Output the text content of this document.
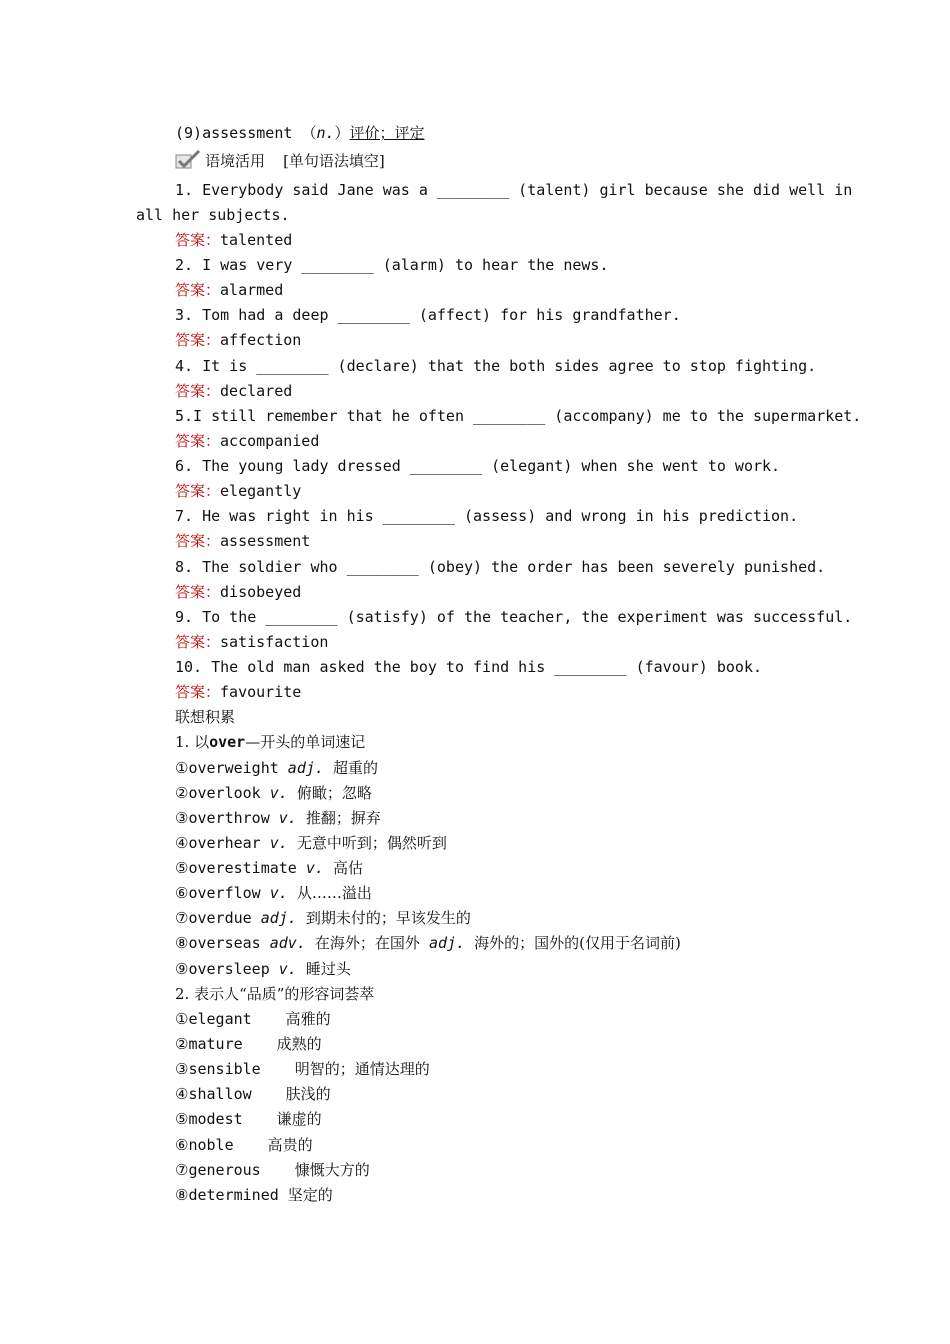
(9)assessment （n.）评价；评定
语境活用 [单句语法填空]
1. Everybody said Jane was a ________ (talent) girl because she did well in
all her subjects.
答案：talented
2. I was very ________ (alarm) to hear the news.
答案：alarmed
3. Tom had a deep ________ (affect) for his grandfather.
答案：affection
4. It is ________ (declare) that the both sides agree to stop fighting.
答案：declared
5.I still remember that he often ________ (accompany) me to the supermarket.
答案：accompanied
6. The young lady dressed ________ (elegant) when she went to work.
答案：elegantly
7. He was right in his ________ (assess) and wrong in his prediction.
答案：assessment
8. The soldier who ________ (obey) the order has been severely punished.
答案：disobeyed
9. To the ________ (satisfy) of the teacher, the experiment was successful.
答案：satisfaction
10. The old man asked the boy to find his ________ (favour) book.
答案：favourite
联想积累
1. 以over—开头的单词速记
①overweight adj. 超重的
②overlook v. 俯瞰；忽略
③overthrow v. 推翻；摒弃
④overhear v. 无意中听到；偶然听到
⑤overestimate v. 高估
⑥overflow v. 从……溢出
⑦overdue adj. 到期未付的；早该发生的
⑧overseas adv. 在海外；在国外 adj. 海外的；国外的(仅用于名词前)
⑨oversleep v. 睡过头
2. 表示人“品质”的形容词荟萃
①elegant 高雅的
②mature 成熟的
③sensible 明智的；通情达理的
④shallow 肤浅的
⑤modest 谦虚的
⑥noble 高贵的
⑦generous 慷慨大方的
⑧determined 坚定的
